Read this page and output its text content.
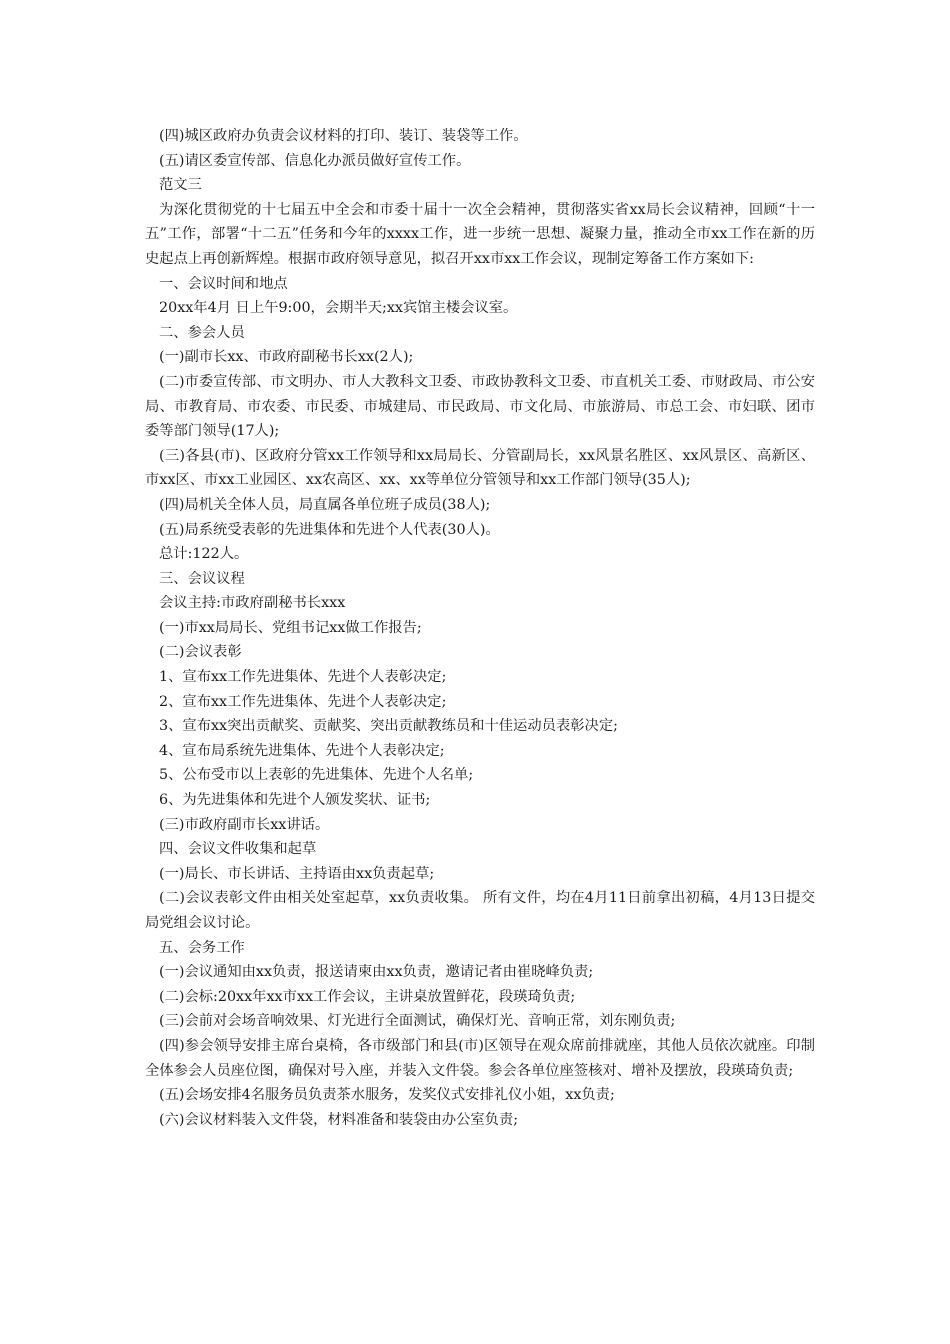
(四)城区政府办负责会议材料的打印、装订、装袋等工作。

(五)请区委宣传部、信息化办派员做好宣传工作。

范文三

为深化贯彻党的十七届五中全会和市委十届十一次全会精神，贯彻落实省xx局长会议精神，回顾“十一五”工作，部署“十二五”任务和今年的xxxx工作，进一步统一思想、凝聚力量，推动全市xx工作在新的历史起点上再创新辉煌。根据市政府领导意见，拟召开xx市xx工作会议，现制定筹备工作方案如下:

一、会议时间和地点

20xx年4月 日上午9:00，会期半天;xx宾馆主楼会议室。

二、参会人员

(一)副市长xx、市政府副秘书长xx(2人);

(二)市委宣传部、市文明办、市人大教科文卫委、市政协教科文卫委、市直机关工委、市财政局、市公安局、市教育局、市农委、市民委、市城建局、市民政局、市文化局、市旅游局、市总工会、市妇联、团市委等部门领导(17人);

(三)各县(市)、区政府分管xx工作领导和xx局局长、分管副局长，xx风景名胜区、xx风景区、高新区、市xx区、市xx工业园区、xx农高区、xx、xx等单位分管领导和xx工作部门领导(35人);

(四)局机关全体人员，局直属各单位班子成员(38人);

(五)局系统受表彰的先进集体和先进个人代表(30人)。

总计:122人。

三、会议议程

会议主持:市政府副秘书长xxx

(一)市xx局局长、党组书记xx做工作报告;

(二)会议表彰

1、宣布xx工作先进集体、先进个人表彰决定;

2、宣布xx工作先进集体、先进个人表彰决定;

3、宣布xx突出贡献奖、贡献奖、突出贡献教练员和十佳运动员表彰决定;

4、宣布局系统先进集体、先进个人表彰决定;

5、公布受市以上表彰的先进集体、先进个人名单;

6、为先进集体和先进个人颁发奖状、证书;

(三)市政府副市长xx讲话。

四、会议文件收集和起草

(一)局长、市长讲话、主持语由xx负责起草;

(二)会议表彰文件由相关处室起草，xx负责收集。 所有文件，均在4月11日前拿出初稿，4月13日提交局党组会议讨论。

五、会务工作

(一)会议通知由xx负责，报送请柬由xx负责，邀请记者由崔晓峰负责;

(二)会标:20xx年xx市xx工作会议，主讲桌放置鲜花，段瑛琦负责;

(三)会前对会场音响效果、灯光进行全面测试，确保灯光、音响正常，刘东刚负责;

(四)参会领导安排主席台桌椅，各市级部门和县(市)区领导在观众席前排就座，其他人员依次就座。印制全体参会人员座位图，确保对号入座，并装入文件袋。参会各单位座签核对、增补及摆放，段瑛琦负责;

(五)会场安排4名服务员负责茶水服务，发奖仪式安排礼仪小姐，xx负责;

(六)会议材料装入文件袋，材料准备和装袋由办公室负责;
